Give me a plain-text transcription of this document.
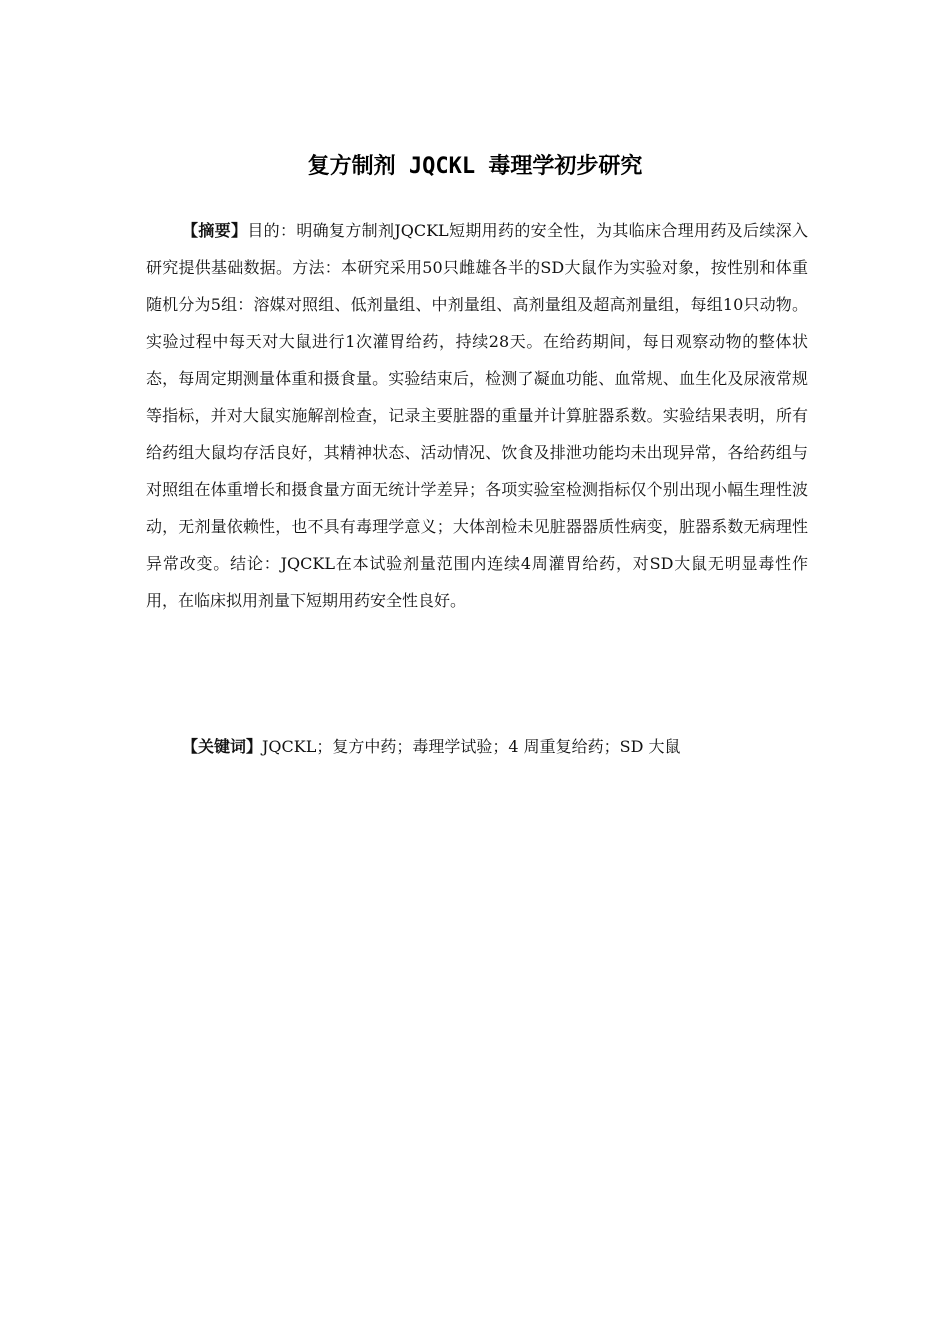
复方制剂 JQCKL 毒理学初步研究

【摘要】目的：明确复方制剂JQCKL短期用药的安全性，为其临床合理用药及后续深入研究提供基础数据。方法：本研究采用50只雌雄各半的SD大鼠作为实验对象，按性别和体重随机分为5组：溶媒对照组、低剂量组、中剂量组、高剂量组及超高剂量组，每组10只动物。实验过程中每天对大鼠进行1次灌胃给药，持续28天。在给药期间，每日观察动物的整体状态，每周定期测量体重和摄食量。实验结束后，检测了凝血功能、血常规、血生化及尿液常规等指标，并对大鼠实施解剖检查，记录主要脏器的重量并计算脏器系数。实验结果表明，所有给药组大鼠均存活良好，其精神状态、活动情况、饮食及排泄功能均未出现异常，各给药组与对照组在体重增长和摄食量方面无统计学差异；各项实验室检测指标仅个别出现小幅生理性波动，无剂量依赖性，也不具有毒理学意义；大体剖检未见脏器器质性病变，脏器系数无病理性异常改变。结论：JQCKL在本试验剂量范围内连续4周灌胃给药，对SD大鼠无明显毒性作用，在临床拟用剂量下短期用药安全性良好。

【关键词】JQCKL；复方中药；毒理学试验；4 周重复给药；SD 大鼠
